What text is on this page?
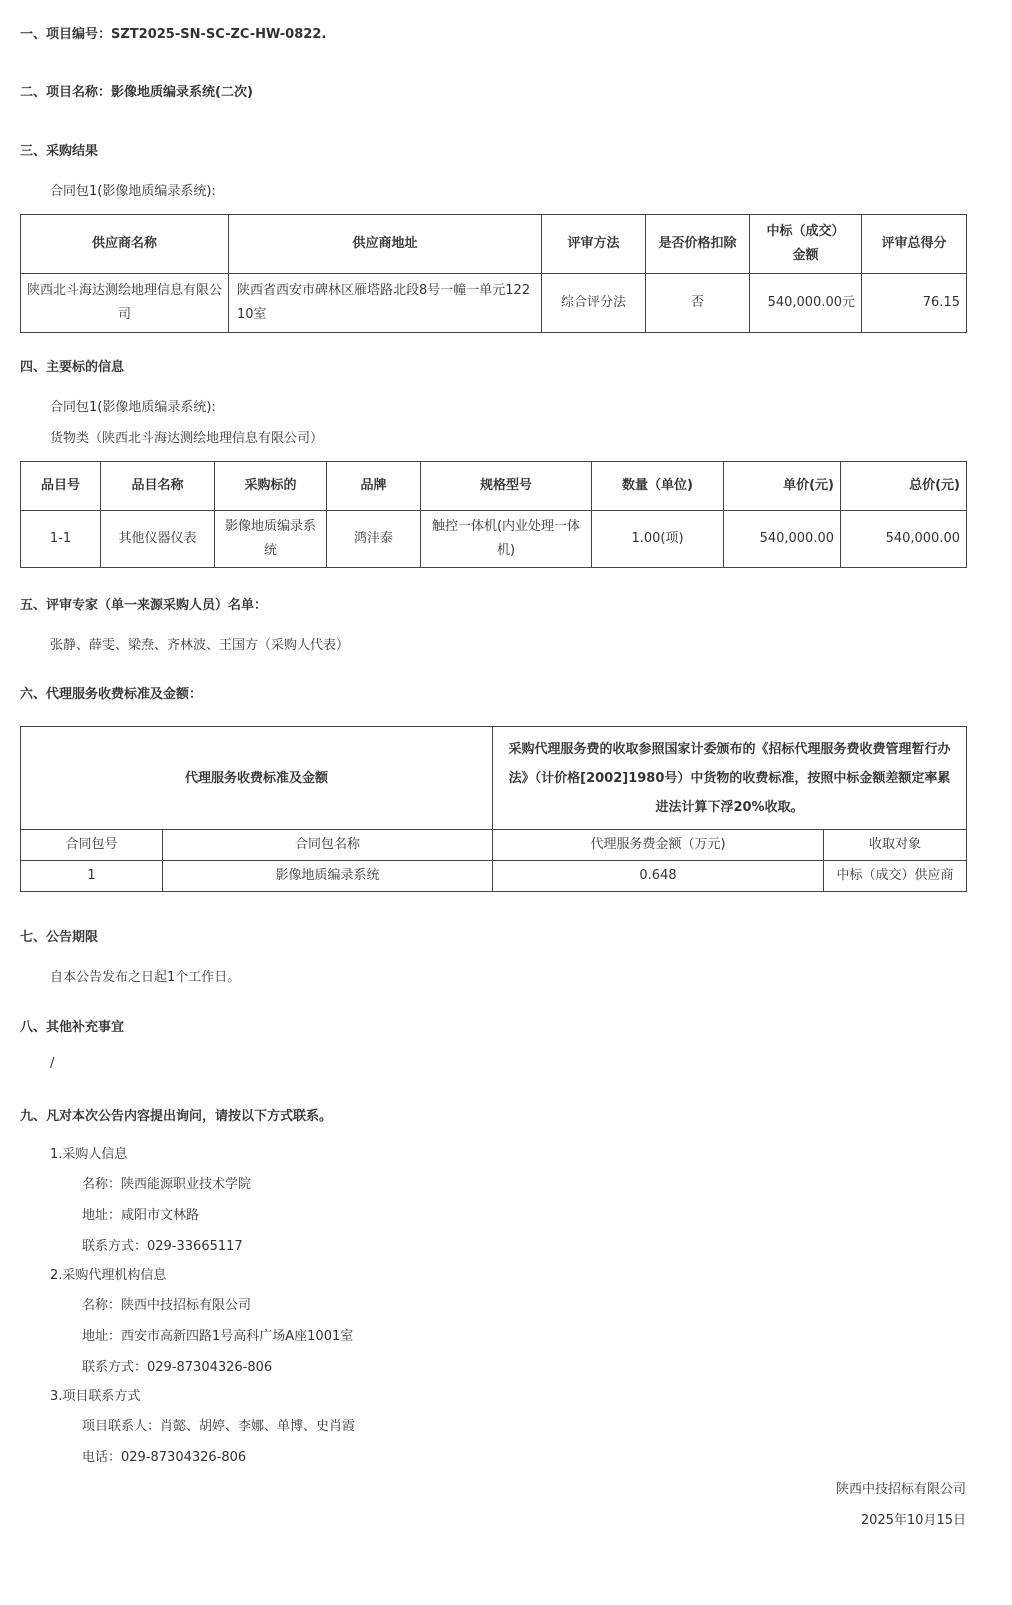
一、项目编号：SZT2025-SN-SC-ZC-HW-0822.
二、项目名称：影像地质编录系统(二次)
三、采购结果
合同包1(影像地质编录系统):
供应商名称	供应商地址	评审方法	是否价格扣除	中标（成交）金额	评审总得分
陕西北斗海达测绘地理信息有限公司	陕西省西安市碑林区雁塔路北段8号一幢一单元12210室	综合评分法	否	540,000.00元	76.15
四、主要标的信息
合同包1(影像地质编录系统):
货物类（陕西北斗海达测绘地理信息有限公司）
品目号	品目名称	采购标的	品牌	规格型号	数量（单位)	单价(元)	总价(元)
1-1	其他仪器仪表	影像地质编录系统	鸿沣泰	触控一体机(内业处理一体机)	1.00(项)	540,000.00	540,000.00
五、评审专家（单一来源采购人员）名单：
张静、薛雯、梁焘、齐林波、王国方（采购人代表）
六、代理服务收费标准及金额：
代理服务收费标准及金额		采购代理服务费的收取参照国家计委颁布的《招标代理服务费收费管理暂行办法》（计价格[2002]1980号）中货物的收费标准，按照中标金额差额定率累进法计算下浮20%收取。	
合同包号	合同包名称	代理服务费金额（万元)	收取对象
1	影像地质编录系统	0.648	中标（成交）供应商
七、公告期限
自本公告发布之日起1个工作日。
八、其他补充事宜
/
九、凡对本次公告内容提出询问，请按以下方式联系。
1.采购人信息
名称：陕西能源职业技术学院
地址：咸阳市文林路
联系方式：029-33665117
2.采购代理机构信息
名称：陕西中技招标有限公司
地址：西安市高新四路1号高科广场A座1001室
联系方式：029-87304326-806
3.项目联系方式
项目联系人：肖懿、胡婷、李娜、单博、史肖霞
电话：029-87304326-806
陕西中技招标有限公司
2025年10月15日
